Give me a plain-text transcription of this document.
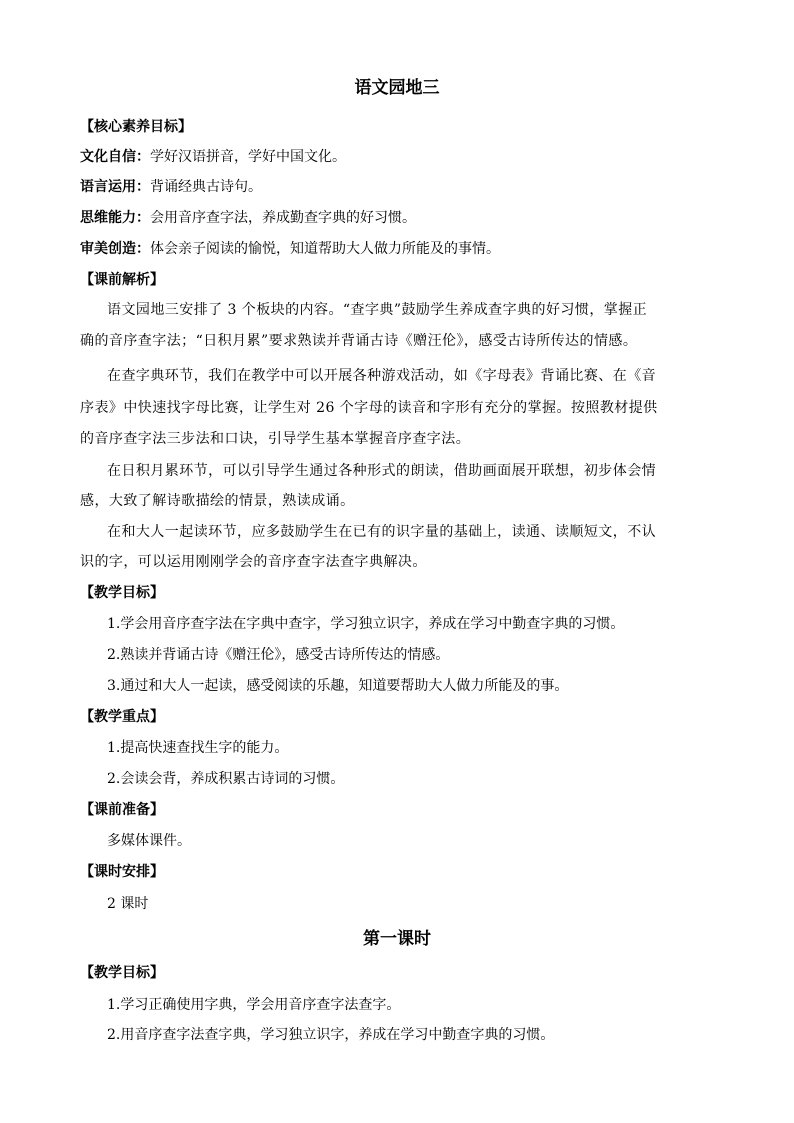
语文园地三
【核心素养目标】
文化自信：学好汉语拼音，学好中国文化。
语言运用：背诵经典古诗句。
思维能力：会用音序查字法，养成勤查字典的好习惯。
审美创造：体会亲子阅读的愉悦，知道帮助大人做力所能及的事情。
【课前解析】
语文园地三安排了 3 个板块的内容。“查字典”鼓励学生养成查字典的好习惯，掌握正
确的音序查字法；“日积月累”要求熟读并背诵古诗《赠汪伦》，感受古诗所传达的情感。
在查字典环节，我们在教学中可以开展各种游戏活动，如《字母表》背诵比赛、在《音
序表》中快速找字母比赛，让学生对 26 个字母的读音和字形有充分的掌握。按照教材提供
的音序查字法三步法和口诀，引导学生基本掌握音序查字法。
在日积月累环节，可以引导学生通过各种形式的朗读，借助画面展开联想，初步体会情
感，大致了解诗歌描绘的情景，熟读成诵。
在和大人一起读环节，应多鼓励学生在已有的识字量的基础上，读通、读顺短文，不认
识的字，可以运用刚刚学会的音序查字法查字典解决。
【教学目标】
1.学会用音序查字法在字典中查字，学习独立识字，养成在学习中勤查字典的习惯。
2.熟读并背诵古诗《赠汪伦》，感受古诗所传达的情感。
3.通过和大人一起读，感受阅读的乐趣，知道要帮助大人做力所能及的事。
【教学重点】
1.提高快速查找生字的能力。
2.会读会背，养成积累古诗词的习惯。
【课前准备】
多媒体课件。
【课时安排】
2 课时
第一课时
【教学目标】
1.学习正确使用字典，学会用音序查字法查字。
2.用音序查字法查字典，学习独立识字，养成在学习中勤查字典的习惯。
